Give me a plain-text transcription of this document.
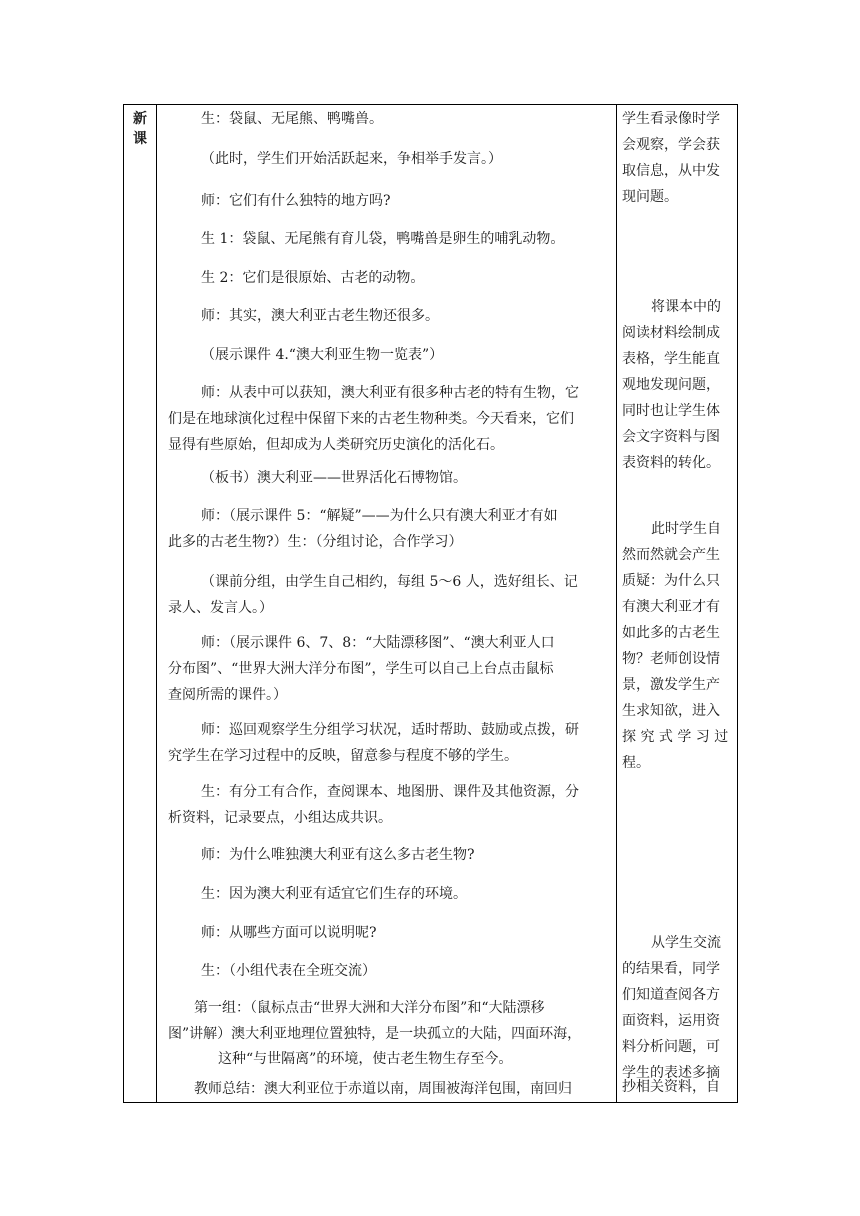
新课

生：袋鼠、无尾熊、鸭嘴兽。

（此时，学生们开始活跃起来，争相举手发言。）

师：它们有什么独特的地方吗?

生 1：袋鼠、无尾熊有育儿袋，鸭嘴兽是卵生的哺乳动物。

生 2：它们是很原始、古老的动物。

师：其实，澳大利亚古老生物还很多。

（展示课件 4.“澳大利亚生物一览表”）

师：从表中可以获知，澳大利亚有很多种古老的特有生物，它

们是在地球演化过程中保留下来的古老生物种类。今天看来，它们

显得有些原始，但却成为人类研究历史演化的活化石。

（板书）澳大利亚——世界活化石博物馆。

师：（展示课件 5：“解疑”——为什么只有澳大利亚才有如

此多的古老生物?）生：（分组讨论，合作学习）

（课前分组，由学生自己相约，每组 5～6 人，选好组长、记

录人、发言人。）

师：（展示课件 6、7、8：“大陆漂移图”、“澳大利亚人口

分布图”、“世界大洲大洋分布图”，学生可以自己上台点击鼠标

查阅所需的课件。）

师：巡回观察学生分组学习状况，适时帮助、鼓励或点拨，研

究学生在学习过程中的反映，留意参与程度不够的学生。

生：有分工有合作，查阅课本、地图册、课件及其他资源，分

析资料，记录要点，小组达成共识。

师：为什么唯独澳大利亚有这么多古老生物?

生：因为澳大利亚有适宜它们生存的环境。

师：从哪些方面可以说明呢?

生：（小组代表在全班交流）

第一组：（鼠标点击“世界大洲和大洋分布图”和“大陆漂移

图”讲解）澳大利亚地理位置独特，是一块孤立的大陆，四面环海，

这种“与世隔离”的环境，使古老生物生存至今。

教师总结：澳大利亚位于赤道以南，周围被海洋包围，南回归

学生看录像时学

会观察，学会获

取信息，从中发

现问题。

将课本中的

阅读材料绘制成

表格，学生能直

观地发现问题，

同时也让学生体

会文字资料与图

表资料的转化。

此时学生自

然而然就会产生

质疑：为什么只

有澳大利亚才有

如此多的古老生

物？老师创设情

景，激发学生产

生求知欲，进入

探 究 式 学 习 过

程。

从学生交流

的结果看，同学

们知道查阅各方

面资料，运用资

料分析问题，可

学生的表述多摘

抄相关资料，自
